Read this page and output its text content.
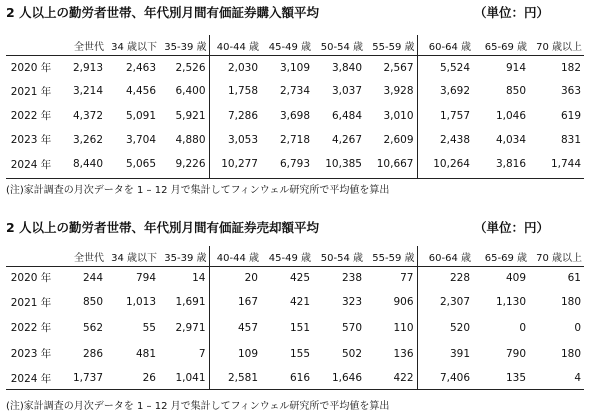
2 人以上の勤労者世帯、年代別月間有価証券購入額平均	（単位：円）
	全世代	34 歳以下	35-39 歳	40-44 歳	45-49 歳	50-54 歳	55-59 歳	60-64 歳	65-69 歳	70 歳以上
2020 年	2,913	2,463	2,526	2,030	3,109	3,840	2,567	5,524	914	182
2021 年	3,214	4,456	6,400	1,758	2,734	3,037	3,928	3,692	850	363
2022 年	4,372	5,091	5,921	7,286	3,698	6,484	3,010	1,757	1,046	619
2023 年	3,262	3,704	4,880	3,053	2,718	4,267	2,609	2,438	4,034	831
2024 年	8,440	5,065	9,226	10,277	6,793	10,385	10,667	10,264	3,816	1,744
(注)家計調査の月次データを 1 – 12 月で集計してフィンウェル研究所で平均値を算出
2 人以上の勤労者世帯、年代別月間有価証券売却額平均	（単位：円）
	全世代	34 歳以下	35-39 歳	40-44 歳	45-49 歳	50-54 歳	55-59 歳	60-64 歳	65-69 歳	70 歳以上
2020 年	244	794	14	20	425	238	77	228	409	61
2021 年	850	1,013	1,691	167	421	323	906	2,307	1,130	180
2022 年	562	55	2,971	457	151	570	110	520	0	0
2023 年	286	481	7	109	155	502	136	391	790	180
2024 年	1,737	26	1,041	2,581	616	1,646	422	7,406	135	4
(注)家計調査の月次データを 1 – 12 月で集計してフィンウェル研究所で平均値を算出
